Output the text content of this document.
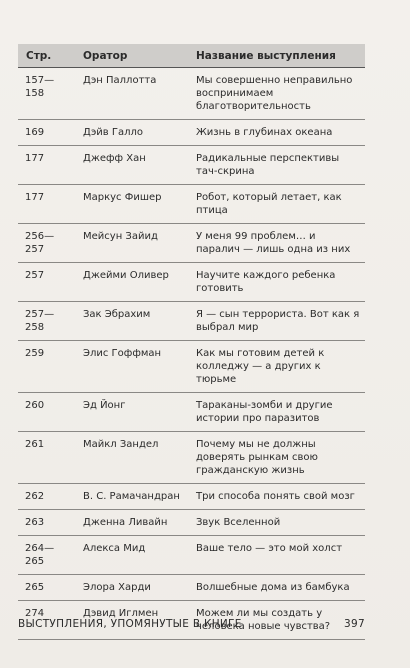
Стр.	Оратор	Название выступления
157—158	Дэн Паллотта	Мы совершенно неправильно воспринимаем благотворительность
169	Дэйв Галло	Жизнь в глубинах океана
177	Джефф Хан	Радикальные перспективы тач-скрина
177	Маркус Фишер	Робот, который летает, как птица
256—257	Мейсун Зайид	У меня 99 проблем… и паралич — лишь одна из них
257	Джейми Оливер	Научите каждого ребенка готовить
257—258	Зак Эбрахим	Я — сын террориста. Вот как я выбрал мир
259	Элис Гоффман	Как мы готовим детей к колледжу — а других к тюрьме
260	Эд Йонг	Тараканы-зомби и другие истории про паразитов
261	Майкл Зандел	Почему мы не должны доверять рынкам свою гражданскую жизнь
262	В. С. Рамачандран	Три способа понять свой мозг
263	Дженна Ливайн	Звук Вселенной
264—265	Алекса Мид	Ваше тело — это мой холст
265	Элора Харди	Волшебные дома из бамбука
274	Дэвид Иглмен	Можем ли мы создать у человека новые чувства?
ВЫСТУПЛЕНИЯ, УПОМЯНУТЫЕ В КНИГЕ	397
